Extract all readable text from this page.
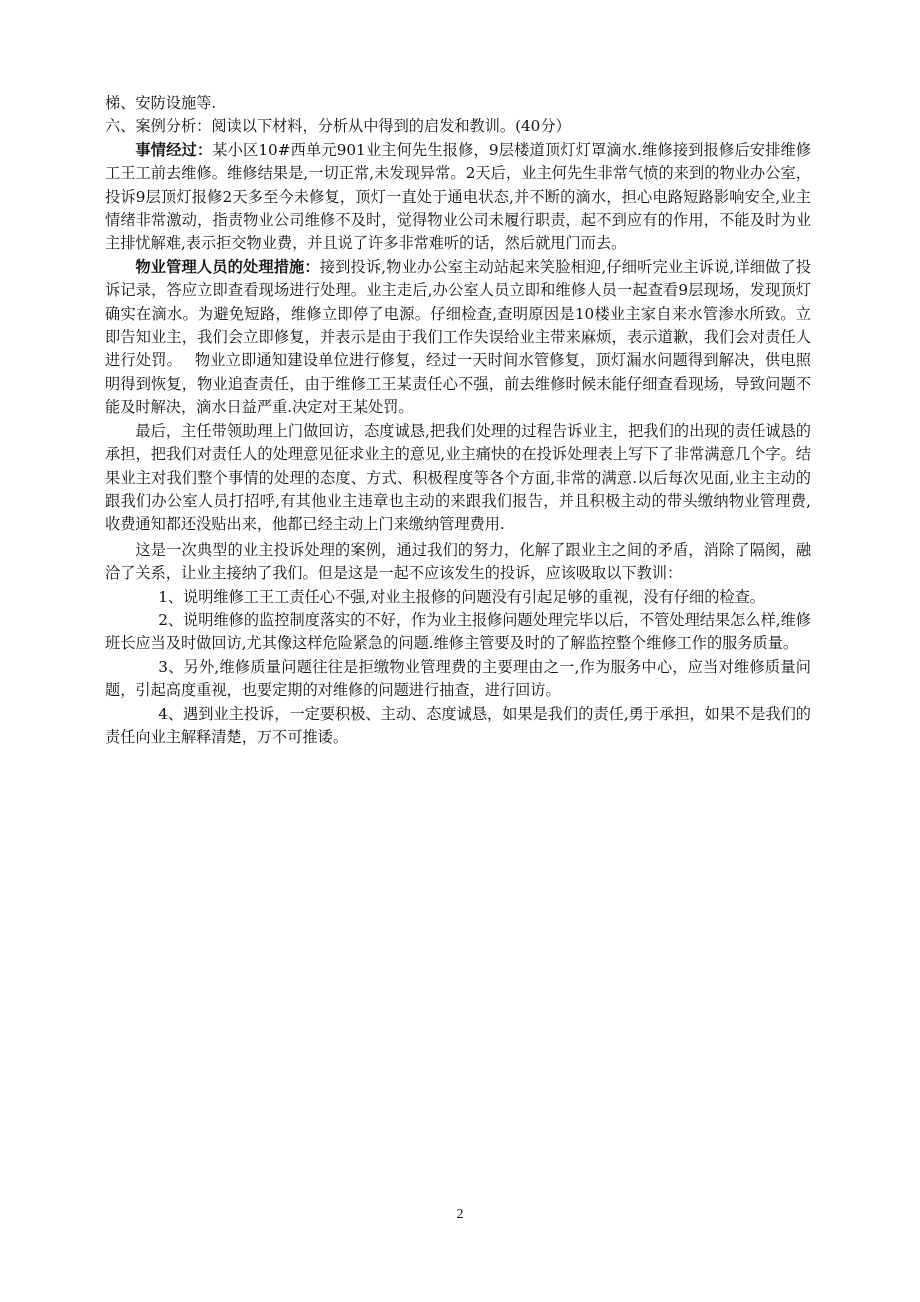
梯、安防设施等.

六、案例分析：阅读以下材料，分析从中得到的启发和教训。(40分）

事情经过：某小区10#西单元901业主何先生报修，9层楼道顶灯灯罩滴水.维修接到报修后安排维修工王工前去维修。维修结果是,一切正常,未发现异常。2天后，业主何先生非常气愤的来到的物业办公室，投诉9层顶灯报修2天多至今未修复，顶灯一直处于通电状态,并不断的滴水，担心电路短路影响安全,业主情绪非常激动，指责物业公司维修不及时，觉得物业公司未履行职责，起不到应有的作用，不能及时为业主排忧解难,表示拒交物业费，并且说了许多非常难听的话，然后就甩门而去。

物业管理人员的处理措施：接到投诉,物业办公室主动站起来笑脸相迎,仔细听完业主诉说,详细做了投诉记录，答应立即查看现场进行处理。业主走后,办公室人员立即和维修人员一起查看9层现场，发现顶灯确实在滴水。为避免短路，维修立即停了电源。仔细检查,查明原因是10楼业主家自来水管渗水所致。立即告知业主，我们会立即修复，并表示是由于我们工作失误给业主带来麻烦，表示道歉，我们会对责任人进行处罚。　 物业立即通知建设单位进行修复，经过一天时间水管修复，顶灯漏水问题得到解决，供电照明得到恢复，物业追查责任，由于维修工王某责任心不强，前去维修时候未能仔细查看现场，导致问题不能及时解决，滴水日益严重.决定对王某处罚。

最后，主任带领助理上门做回访，态度诚恳,把我们处理的过程告诉业主，把我们的出现的责任诚恳的承担，把我们对责任人的处理意见征求业主的意见,业主痛快的在投诉处理表上写下了非常满意几个字。结果业主对我们整个事情的处理的态度、方式、积极程度等各个方面,非常的满意.以后每次见面,业主主动的跟我们办公室人员打招呼,有其他业主违章也主动的来跟我们报告，并且积极主动的带头缴纳物业管理费,收费通知都还没贴出来，他都已经主动上门来缴纳管理费用.

这是一次典型的业主投诉处理的案例，通过我们的努力，化解了跟业主之间的矛盾，消除了隔阂，融洽了关系，让业主接纳了我们。但是这是一起不应该发生的投诉，应该吸取以下教训：

1、说明维修工王工责任心不强,对业主报修的问题没有引起足够的重视，没有仔细的检查。

2、说明维修的监控制度落实的不好，作为业主报修问题处理完毕以后，不管处理结果怎么样,维修班长应当及时做回访,尤其像这样危险紧急的问题.维修主管要及时的了解监控整个维修工作的服务质量。

3、另外,维修质量问题往往是拒缴物业管理费的主要理由之一,作为服务中心，应当对维修质量问题，引起高度重视，也要定期的对维修的问题进行抽查，进行回访。

4、遇到业主投诉，一定要积极、主动、态度诚恳，如果是我们的责任,勇于承担，如果不是我们的责任向业主解释清楚，万不可推诿。

2
